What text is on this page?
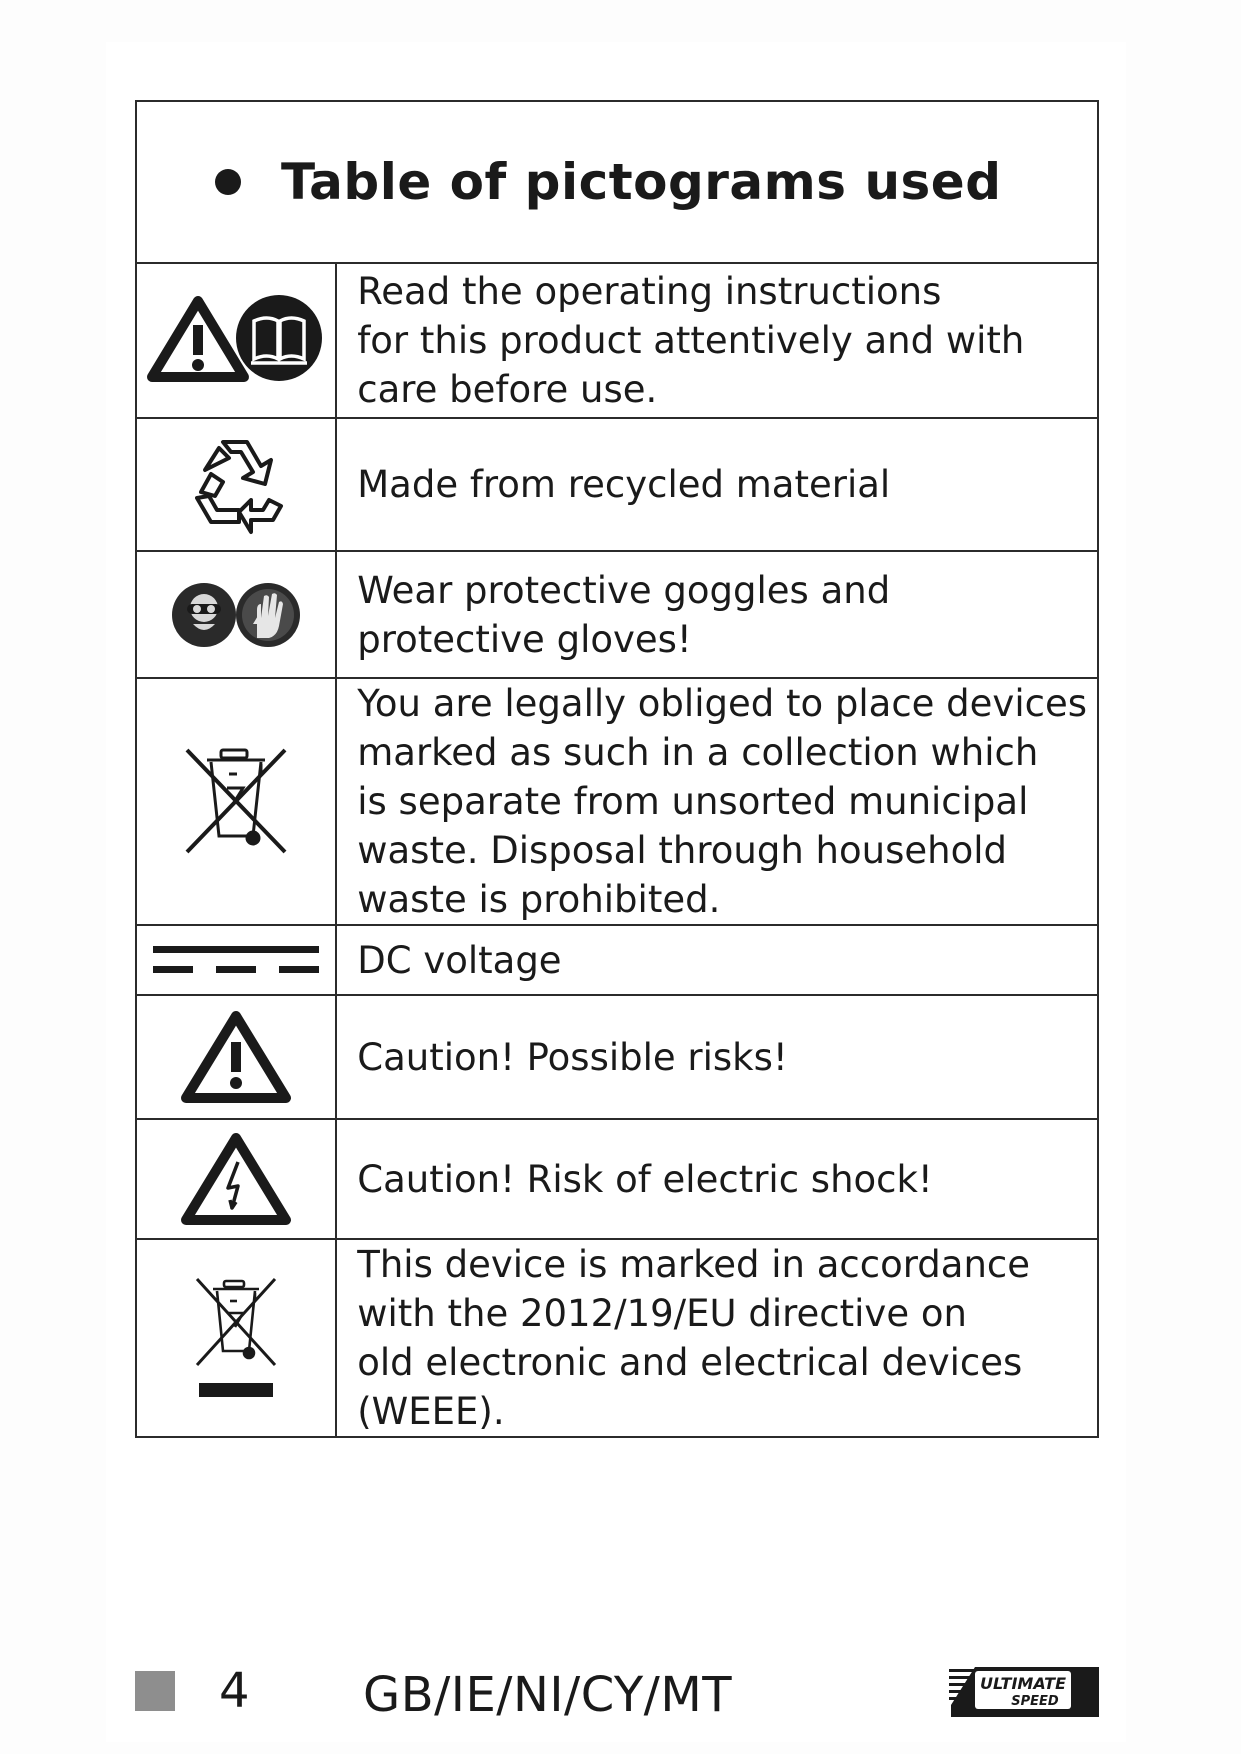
Table of pictograms used	

Read the operating instructions
for this product attentively and with
care before use.

Made from recycled material

Wear protective goggles and
protective gloves!

You are legally obliged to place devices
marked as such in a collection which
is separate from unsorted municipal
waste. Disposal through household
waste is prohibited.

DC voltage

Caution! Possible risks!

Caution! Risk of electric shock!

This device is marked in accordance
with the 2012/19/EU directive on
old electronic and electrical devices
(WEEE).
4 GB/IE/NI/CY/MT	ULTIMATE
SPEED
